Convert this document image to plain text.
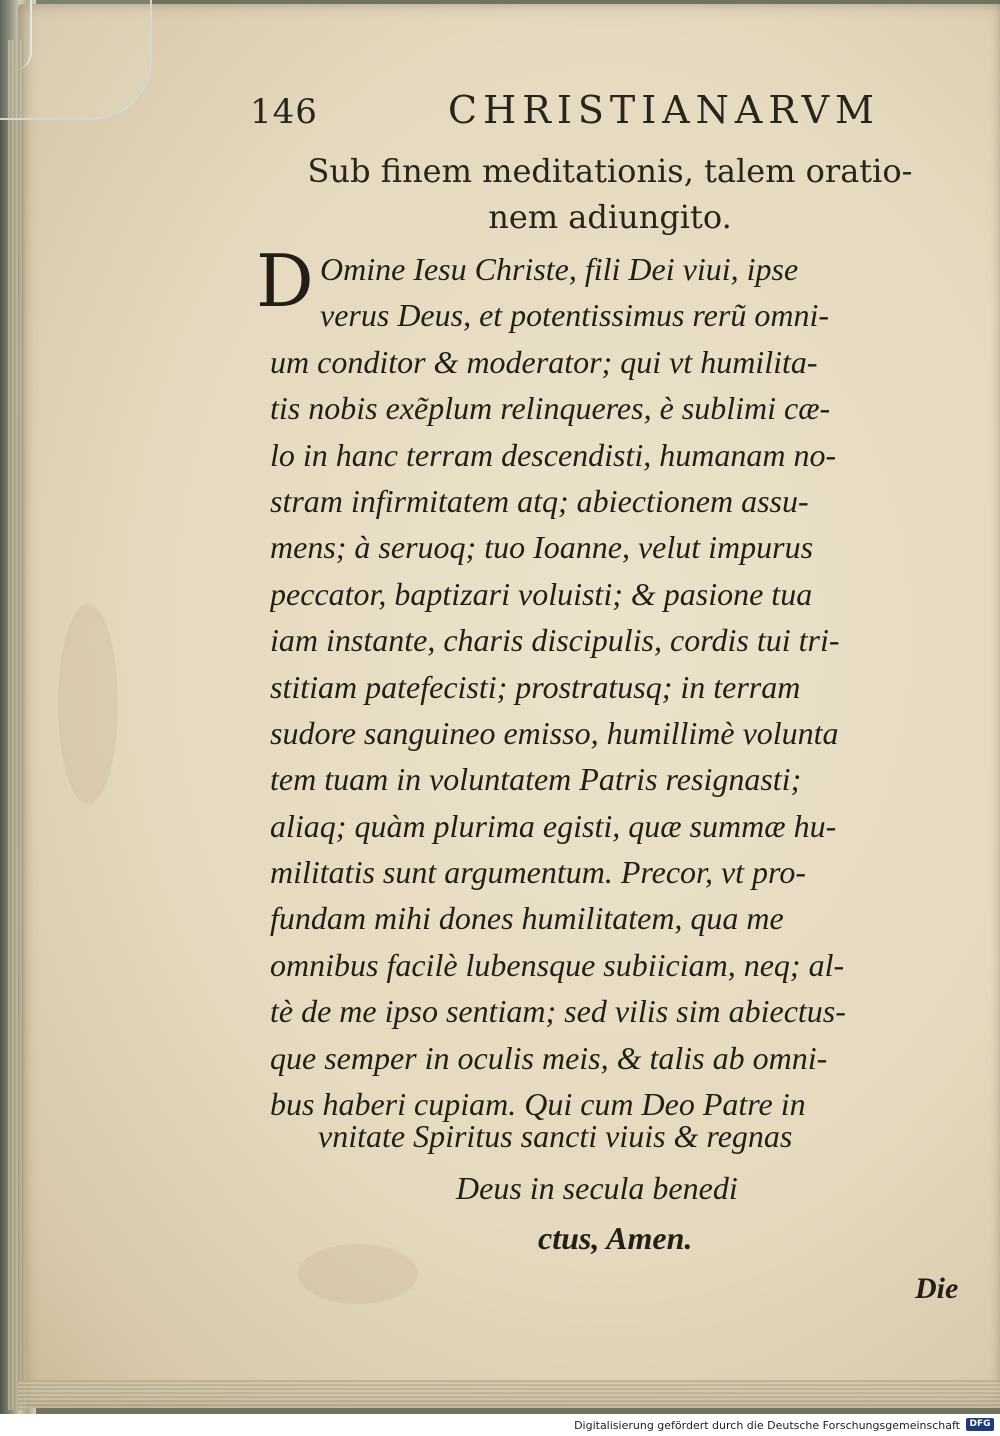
146	CHRISTIANARVM
Sub finem meditationis, talem oratio-
nem adiungito.
D Omine Iesu Christe, fili Dei viui, ipse
verus Deus, et potentissimus rerũ omni-
um conditor & moderator; qui vt humilita-
tis nobis exẽplum relinqueres, è sublimi cæ-
lo in hanc terram descendisti, humanam no-
stram infirmitatem atq; abiectionem assu-
mens; à seruoq; tuo Ioanne, velut impurus
peccator, baptizari voluisti; & pasione tua
iam instante, charis discipulis, cordis tui tri-
stitiam patefecisti; prostratusq; in terram
sudore sanguineo emisso, humillimè volunta
tem tuam in voluntatem Patris resignasti;
aliaq; quàm plurima egisti, quæ summæ hu-
militatis sunt argumentum. Precor, vt pro-
fundam mihi dones humilitatem, qua me
omnibus facilè lubensque subiiciam, neq; al-
tè de me ipso sentiam; sed vilis sim abiectus-
que semper in oculis meis, & talis ab omni-
bus haberi cupiam. Qui cum Deo Patre in
vnitate Spiritus sancti viuis & regnas
Deus in secula benedi
ctus, Amen.
Die
Digitalisierung gefördert durch die Deutsche Forschungsgemeinschaft	DFG
